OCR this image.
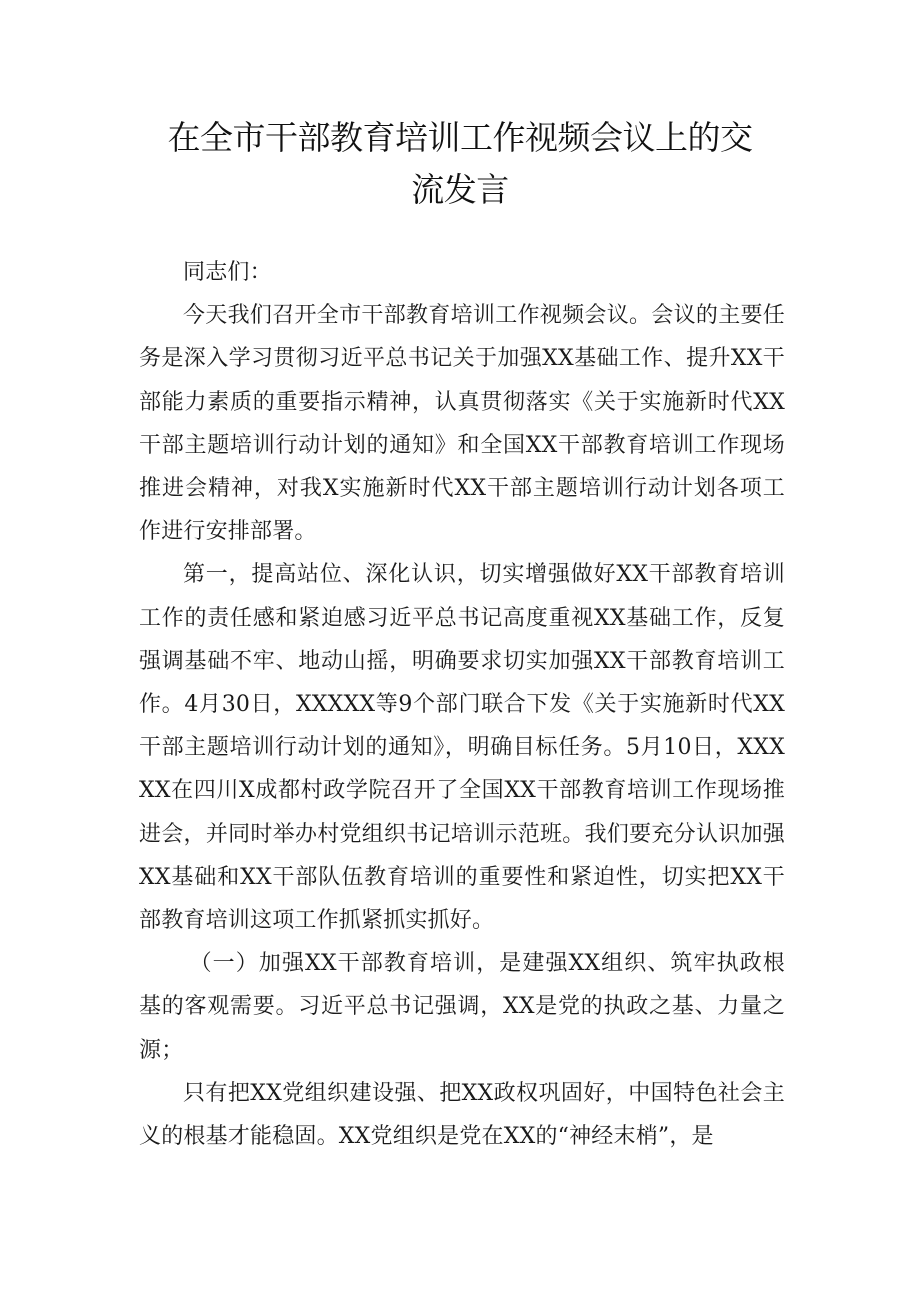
在全市干部教育培训工作视频会议上的交
流发言

同志们：

今天我们召开全市干部教育培训工作视频会议。会议的主要任务是深入学习贯彻习近平总书记关于加强XX基础工作、提升XX干部能力素质的重要指示精神，认真贯彻落实《关于实施新时代XX干部主题培训行动计划的通知》和全国XX干部教育培训工作现场推进会精神，对我X实施新时代XX干部主题培训行动计划各项工作进行安排部署。

第一，提高站位、深化认识，切实增强做好XX干部教育培训工作的责任感和紧迫感习近平总书记高度重视XX基础工作，反复强调基础不牢、地动山摇，明确要求切实加强XX干部教育培训工作。4月30日，XXXXX等9个部门联合下发《关于实施新时代XX干部主题培训行动计划的通知》，明确目标任务。5月10日，XXXXX在四川X成都村政学院召开了全国XX干部教育培训工作现场推进会，并同时举办村党组织书记培训示范班。我们要充分认识加强XX基础和XX干部队伍教育培训的重要性和紧迫性，切实把XX干部教育培训这项工作抓紧抓实抓好。

（一）加强XX干部教育培训，是建强XX组织、筑牢执政根基的客观需要。习近平总书记强调，XX是党的执政之基、力量之源；

只有把XX党组织建设强、把XX政权巩固好，中国特色社会主义的根基才能稳固。XX党组织是党在XX的“神经末梢”，是
